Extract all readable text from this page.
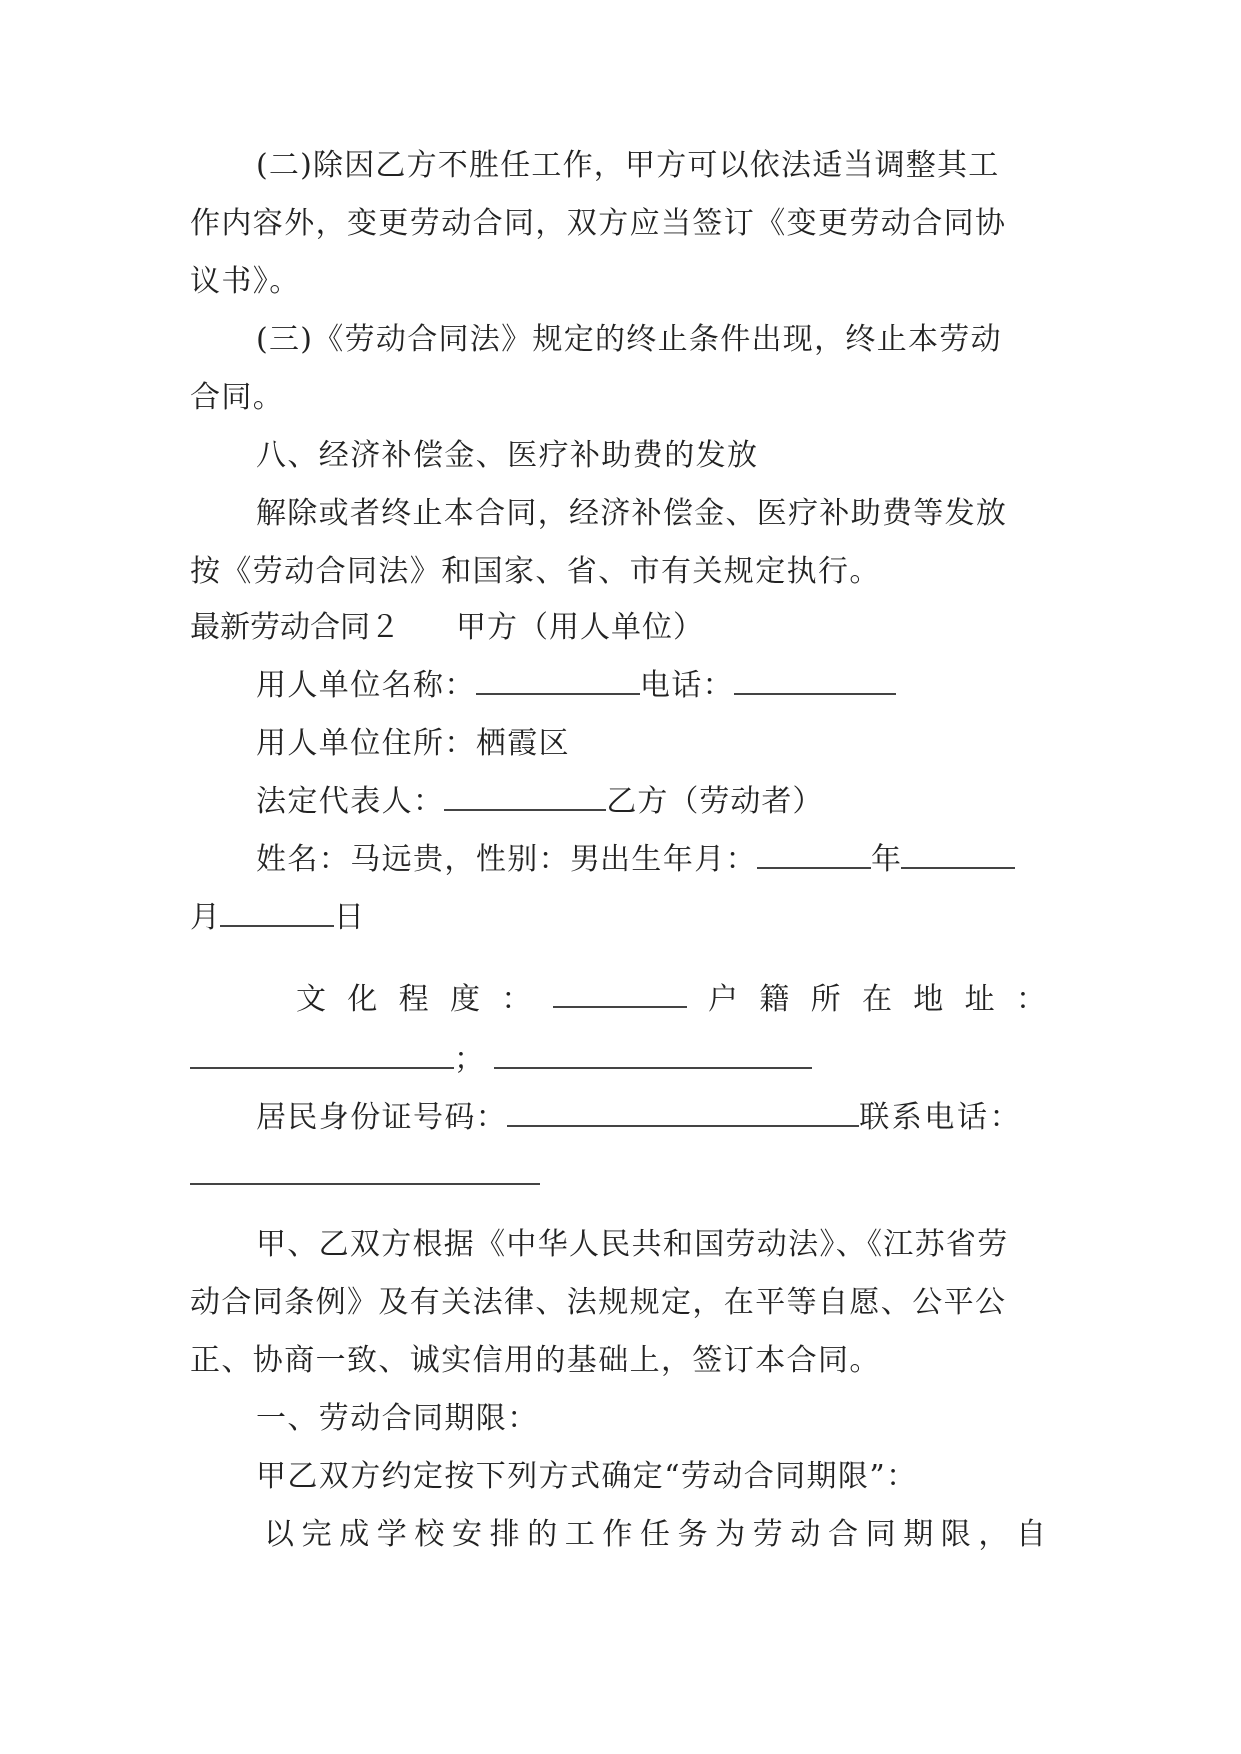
(二)除因乙方不胜任工作，甲方可以依法适当调整其工
作内容外，变更劳动合同，双方应当签订《变更劳动合同协
议书》。
(三)《劳动合同法》规定的终止条件出现，终止本劳动
合同。
八、经济补偿金、医疗补助费的发放
解除或者终止本合同，经济补偿金、医疗补助费等发放
按《劳动合同法》和国家、省、市有关规定执行。
最新劳动合同２ 甲方（用人单位）
用人单位名称：	电话：
用人单位住所：栖霞区
法定代表人：	乙方（劳动者）
姓名：马远贵，性别：男出生年月：	年
月	日
文 化 程 度 ：	户 籍 所 在 地 址 ：
；
居民身份证号码：	联系电话：
甲、乙双方根据《中华人民共和国劳动法》、《江苏省劳
动合同条例》及有关法律、法规规定，在平等自愿、公平公
正、协商一致、诚实信用的基础上，签订本合同。
一、劳动合同期限：
甲乙双方约定按下列方式确定“劳动合同期限”：
以完成学校安排的工作任务为劳动合同期限，自
